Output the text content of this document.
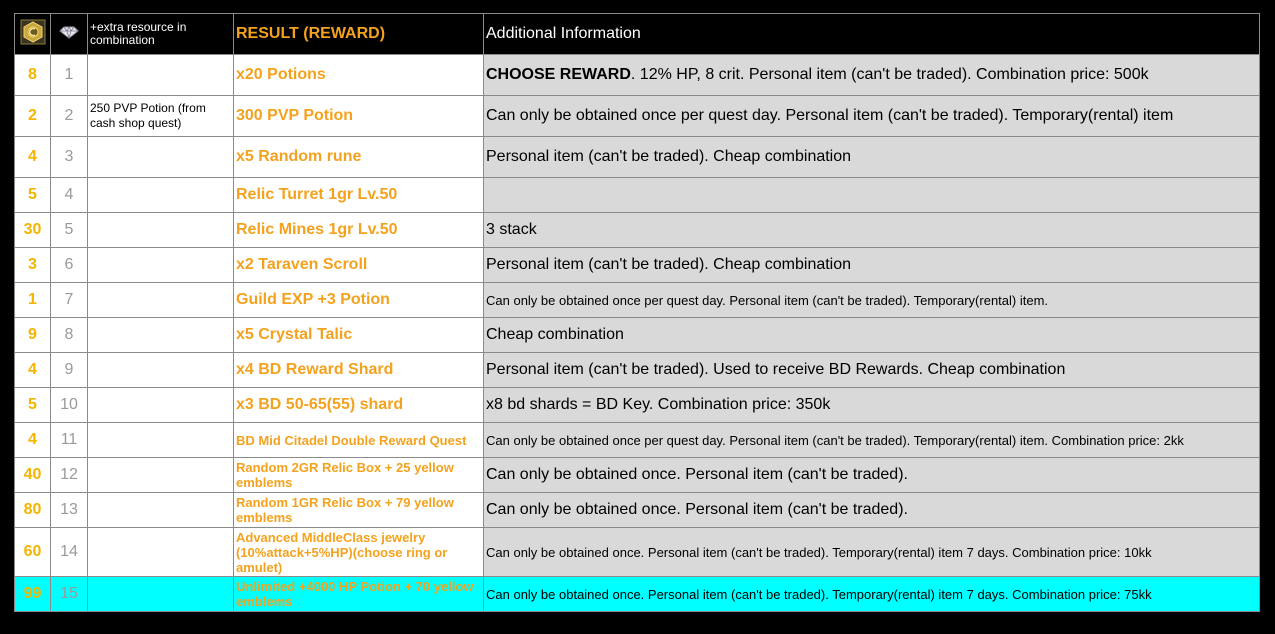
		+extra resource in combination	RESULT (REWARD)	Additional Information
8	1		x20 Potions	CHOOSE REWARD. 12% HP, 8 crit. Personal item (can't be traded). Combination price: 500k
2	2	250 PVP Potion (from cash shop quest)	300 PVP Potion	Can only be obtained once per quest day. Personal item (can't be traded). Temporary(rental) item
4	3		x5 Random rune	Personal item (can't be traded). Cheap combination
5	4		Relic Turret 1gr Lv.50	
30	5		Relic Mines 1gr Lv.50	3 stack
3	6		x2 Taraven Scroll	Personal item (can't be traded). Cheap combination
1	7		Guild EXP +3 Potion	Can only be obtained once per quest day. Personal item (can't be traded). Temporary(rental) item.
9	8		x5 Crystal Talic	Cheap combination
4	9		x4 BD Reward Shard	Personal item (can't be traded). Used to receive BD Rewards. Cheap combination
5	10		x3 BD 50-65(55) shard	x8 bd shards = BD Key. Combination price: 350k
4	11		BD Mid Citadel Double Reward Quest	Can only be obtained once per quest day. Personal item (can't be traded). Temporary(rental) item. Combination price: 2kk
40	12		Random 2GR Relic Box + 25 yellow emblems	Can only be obtained once. Personal item (can't be traded).
80	13		Random 1GR Relic Box + 79 yellow emblems	Can only be obtained once. Personal item (can't be traded).
60	14		Advanced MiddleClass jewelry (10%attack+5%HP)(choose ring or amulet)	Can only be obtained once. Personal item (can't be traded). Temporary(rental) item 7 days. Combination price: 10kk
99	15		Unlimited +4000 HP Potion + 70 yellow emblems	Can only be obtained once. Personal item (can't be traded). Temporary(rental) item 7 days. Combination price: 75kk
